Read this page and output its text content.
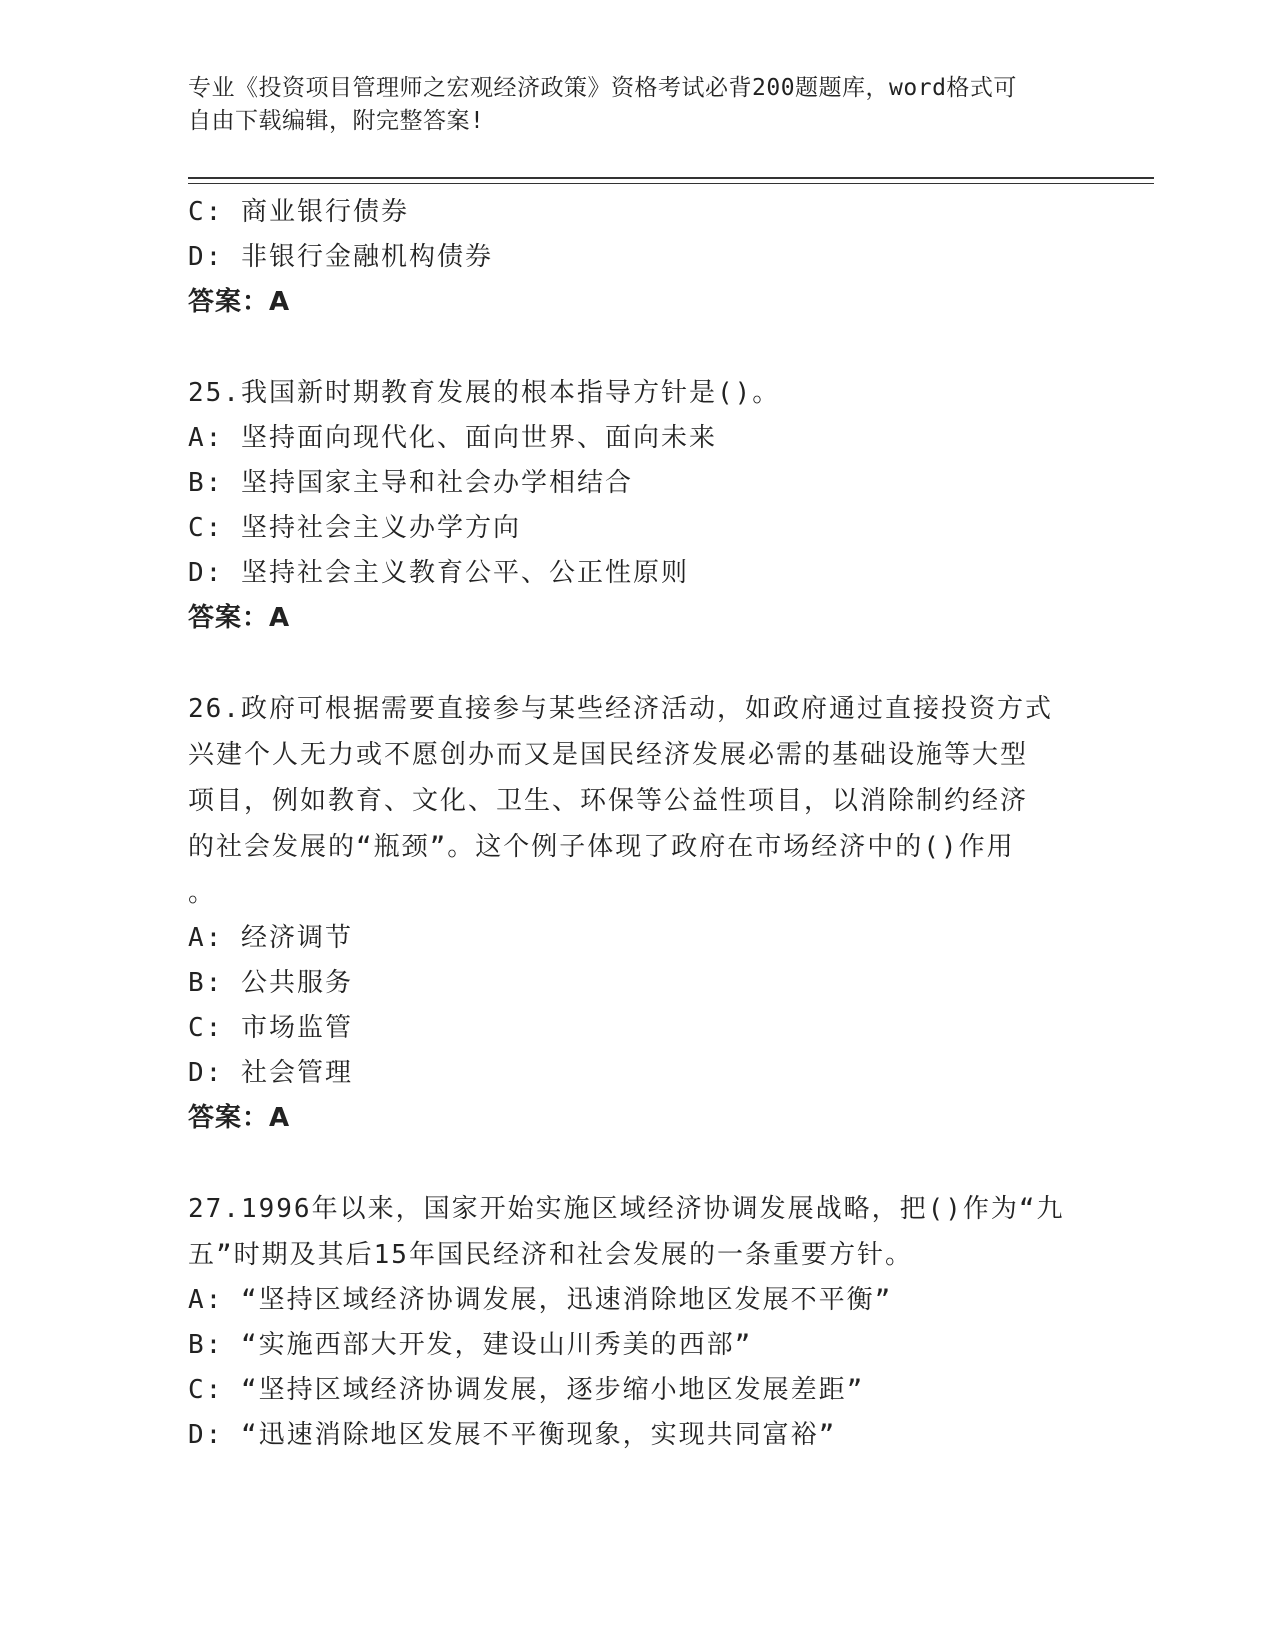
专业《投资项目管理师之宏观经济政策》资格考试必背200题题库，word格式可
自由下载编辑，附完整答案!
C: 商业银行债券
D: 非银行金融机构债券
答案：A
25.我国新时期教育发展的根本指导方针是()。
A: 坚持面向现代化、面向世界、面向未来
B: 坚持国家主导和社会办学相结合
C: 坚持社会主义办学方向
D: 坚持社会主义教育公平、公正性原则
答案：A
26.政府可根据需要直接参与某些经济活动，如政府通过直接投资方式
兴建个人无力或不愿创办而又是国民经济发展必需的基础设施等大型
项目，例如教育、文化、卫生、环保等公益性项目，以消除制约经济
的社会发展的“瓶颈”。这个例子体现了政府在市场经济中的()作用
。
A: 经济调节
B: 公共服务
C: 市场监管
D: 社会管理
答案：A
27.1996年以来，国家开始实施区域经济协调发展战略，把()作为“九
五”时期及其后15年国民经济和社会发展的一条重要方针。
A: “坚持区域经济协调发展，迅速消除地区发展不平衡”
B: “实施西部大开发，建设山川秀美的西部”
C: “坚持区域经济协调发展，逐步缩小地区发展差距”
D: “迅速消除地区发展不平衡现象，实现共同富裕”
